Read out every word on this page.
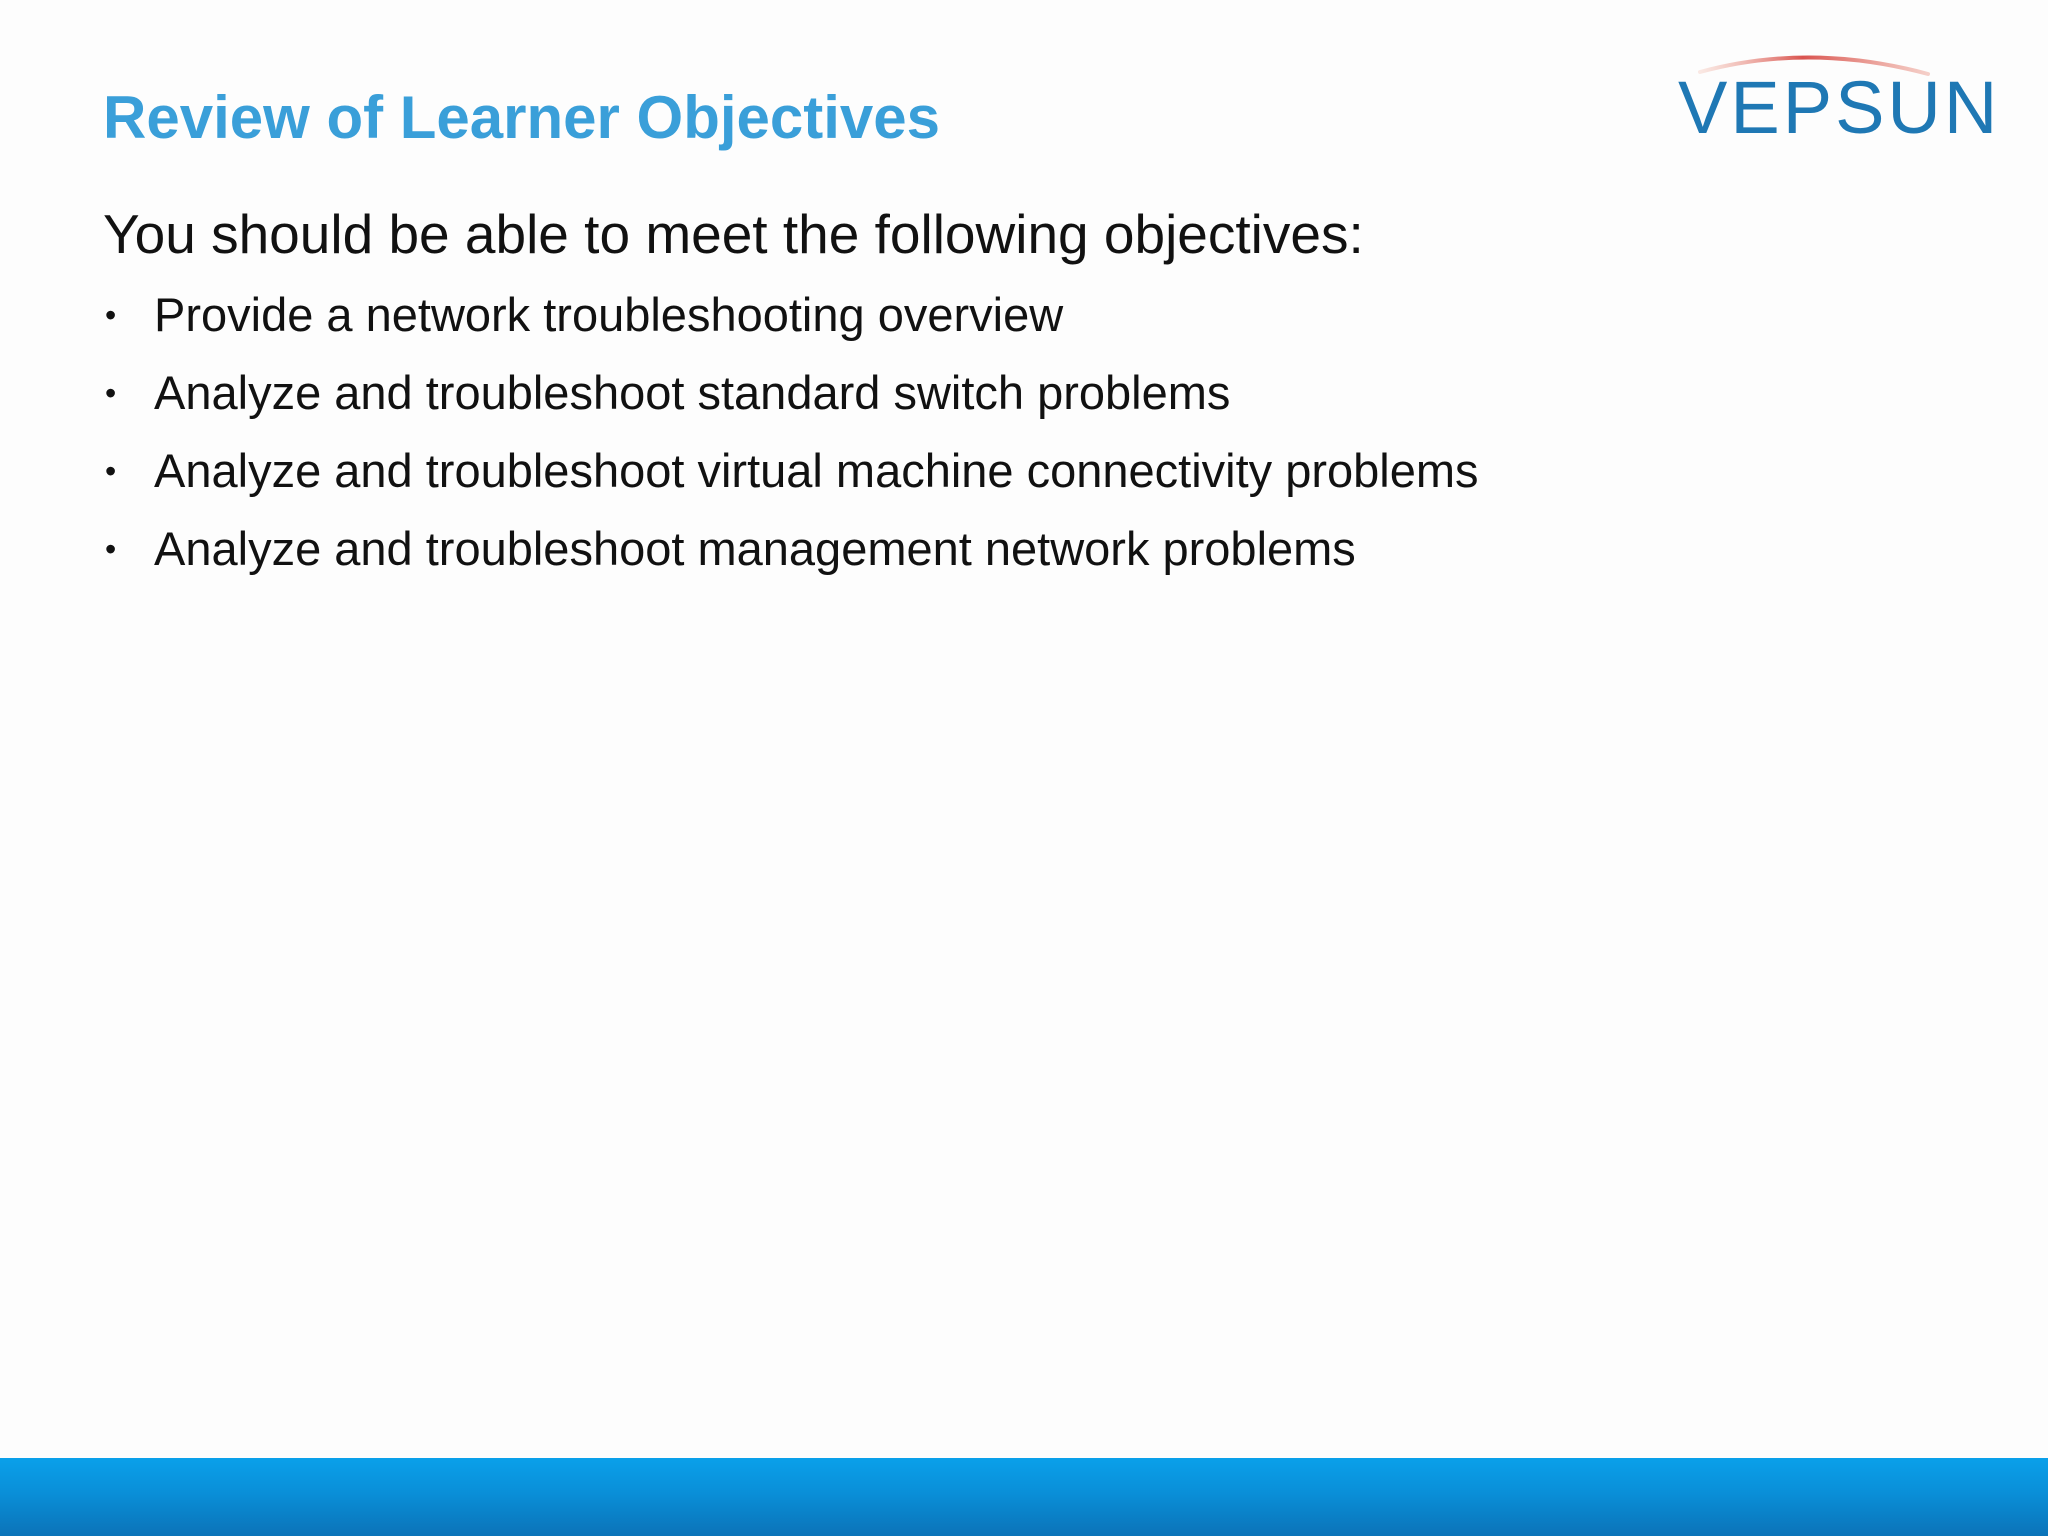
Review of Learner Objectives	VEPSUN

You should be able to meet the following objectives:

• Provide a network troubleshooting overview
• Analyze and troubleshoot standard switch problems
• Analyze and troubleshoot virtual machine connectivity problems
• Analyze and troubleshoot management network problems
